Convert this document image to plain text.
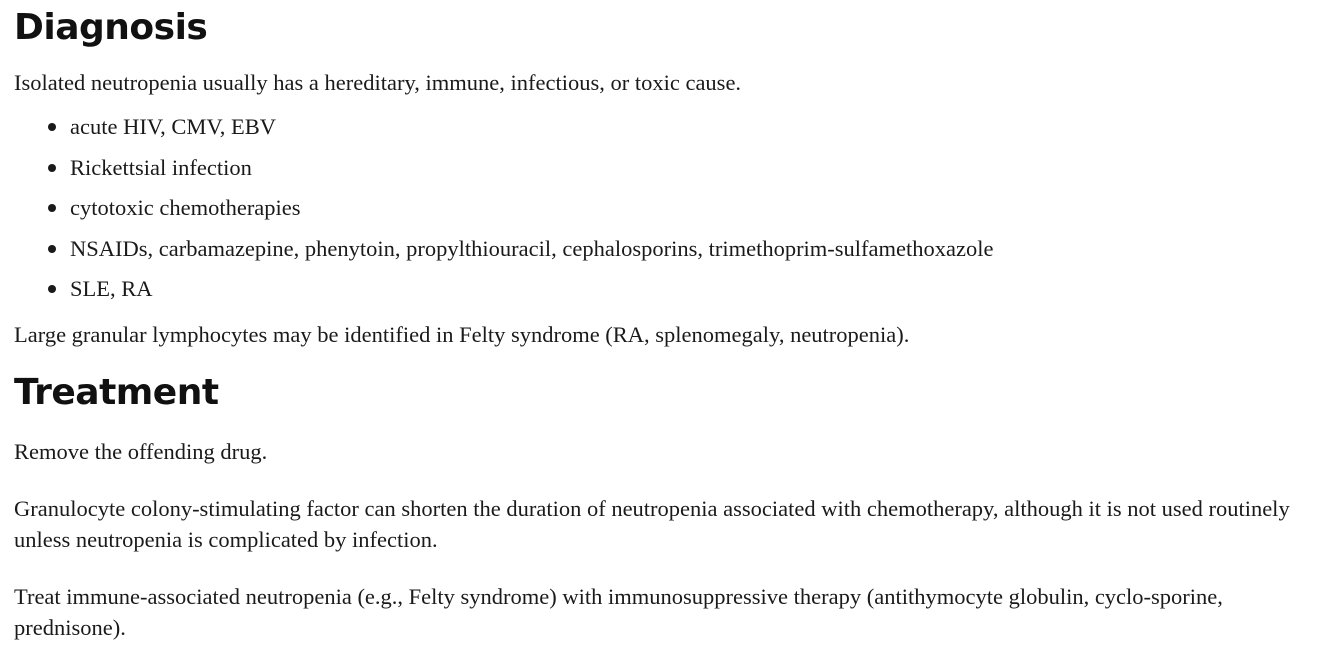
Diagnosis

Isolated neutropenia usually has a hereditary, immune, infectious, or toxic cause.

acute HIV, CMV, EBV
Rickettsial infection
cytotoxic chemotherapies
NSAIDs, carbamazepine, phenytoin, propylthiouracil, cephalosporins, trimethoprim-sulfamethoxazole
SLE, RA

Large granular lymphocytes may be identified in Felty syndrome (RA, splenomegaly, neutropenia).

Treatment

Remove the offending drug.

Granulocyte colony-stimulating factor can shorten the duration of neutropenia associated with chemotherapy, although it is not used routinely unless neutropenia is complicated by infection.

Treat immune-associated neutropenia (e.g., Felty syndrome) with immunosuppressive therapy (antithymocyte globulin, cyclo-sporine, prednisone).
